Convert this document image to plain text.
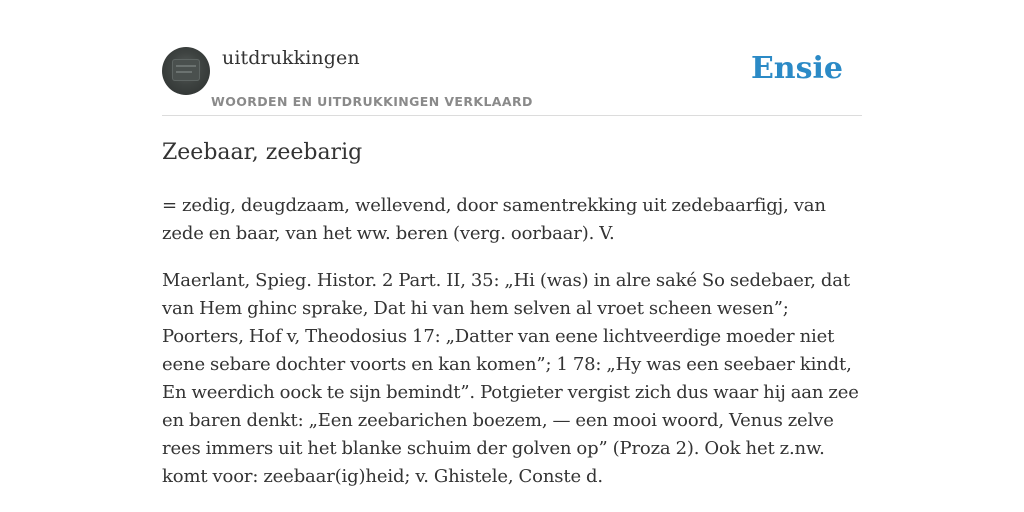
uitdrukkingen
WOORDEN EN UITDRUKKINGEN VERKLAARD
Ensie
Zeebaar, zeebarig

= zedig, deugdzaam, wellevend, door samentrekking uit zedebaarfigj, van zede en baar, van het ww. beren (verg. oorbaar). V.

Maerlant, Spieg. Histor. 2 Part. II, 35: „Hi (was) in alre saké So sedebaer, dat van Hem ghinc sprake, Dat hi van hem selven al vroet scheen wesen”; Poorters, Hof v, Theodosius 17: „Datter van eene lichtveerdige moeder niet eene sebare dochter voorts en kan komen”; 1 78: „Hy was een seebaer kindt, En weerdich oock te sijn bemindt”. Potgieter vergist zich dus waar hij aan zee en baren denkt: „Een zeebarichen boezem, — een mooi woord, Venus zelve rees immers uit het blanke schuim der golven op” (Proza 2). Ook het z.nw. komt voor: zeebaar(ig)heid; v. Ghistele, Conste d.
